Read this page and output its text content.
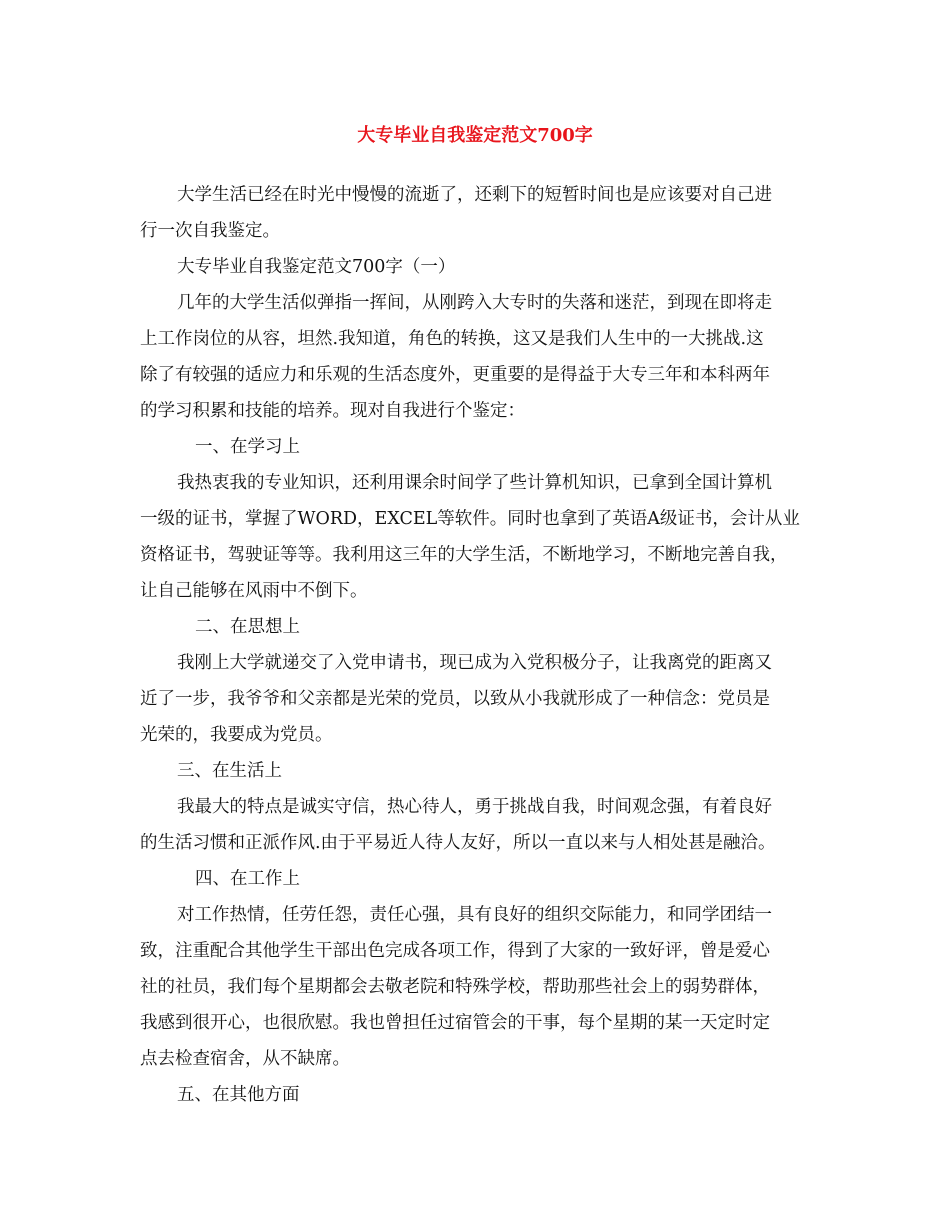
大专毕业自我鉴定范文700字
大学生活已经在时光中慢慢的流逝了，还剩下的短暂时间也是应该要对自己进
行一次自我鉴定。
大专毕业自我鉴定范文700字（一）
几年的大学生活似弹指一挥间，从刚跨入大专时的失落和迷茫，到现在即将走
上工作岗位的从容，坦然.我知道，角色的转换，这又是我们人生中的一大挑战.这
除了有较强的适应力和乐观的生活态度外，更重要的是得益于大专三年和本科两年
的学习积累和技能的培养。现对自我进行个鉴定：
一、在学习上
我热衷我的专业知识，还利用课余时间学了些计算机知识，已拿到全国计算机
一级的证书，掌握了WORD，EXCEL等软件。同时也拿到了英语A级证书，会计从业
资格证书，驾驶证等等。我利用这三年的大学生活，不断地学习，不断地完善自我，
让自己能够在风雨中不倒下。
二、在思想上
我刚上大学就递交了入党申请书，现已成为入党积极分子，让我离党的距离又
近了一步，我爷爷和父亲都是光荣的党员，以致从小我就形成了一种信念：党员是
光荣的，我要成为党员。
三、在生活上
我最大的特点是诚实守信，热心待人，勇于挑战自我，时间观念强，有着良好
的生活习惯和正派作风.由于平易近人待人友好，所以一直以来与人相处甚是融洽。
四、在工作上
对工作热情，任劳任怨，责任心强，具有良好的组织交际能力，和同学团结一
致，注重配合其他学生干部出色完成各项工作，得到了大家的一致好评，曾是爱心
社的社员，我们每个星期都会去敬老院和特殊学校，帮助那些社会上的弱势群体，
我感到很开心，也很欣慰。我也曾担任过宿管会的干事，每个星期的某一天定时定
点去检查宿舍，从不缺席。
五、在其他方面
